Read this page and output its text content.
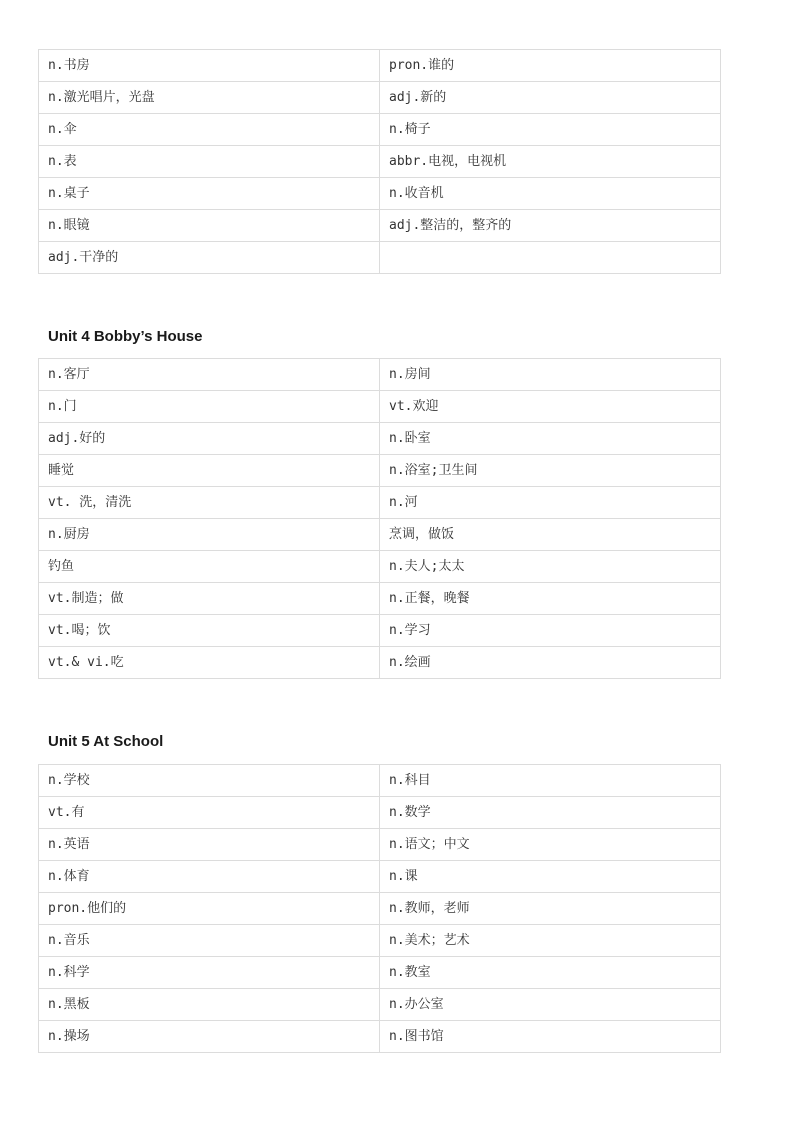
n.书房	pron.谁的
n.激光唱片，光盘	adj.新的
n.伞	n.椅子
n.表	abbr.电视，电视机
n.桌子	n.收音机
n.眼镜	adj.整洁的，整齐的
adj.干净的	
Unit 4 Bobby’s House
n.客厅	n.房间
n.门	vt.欢迎
adj.好的	n.卧室
睡觉	n.浴室;卫生间
vt. 洗，清洗	n.河
n.厨房	烹调，做饭
钓鱼	n.夫人;太太
vt.制造；做	n.正餐，晚餐
vt.喝；饮	n.学习
vt.& vi.吃	n.绘画
Unit 5 At School
n.学校	n.科目
vt.有	n.数学
n.英语	n.语文；中文
n.体育	n.课
pron.他们的	n.教师，老师
n.音乐	n.美术；艺术
n.科学	n.教室
n.黑板	n.办公室
n.操场	n.图书馆
